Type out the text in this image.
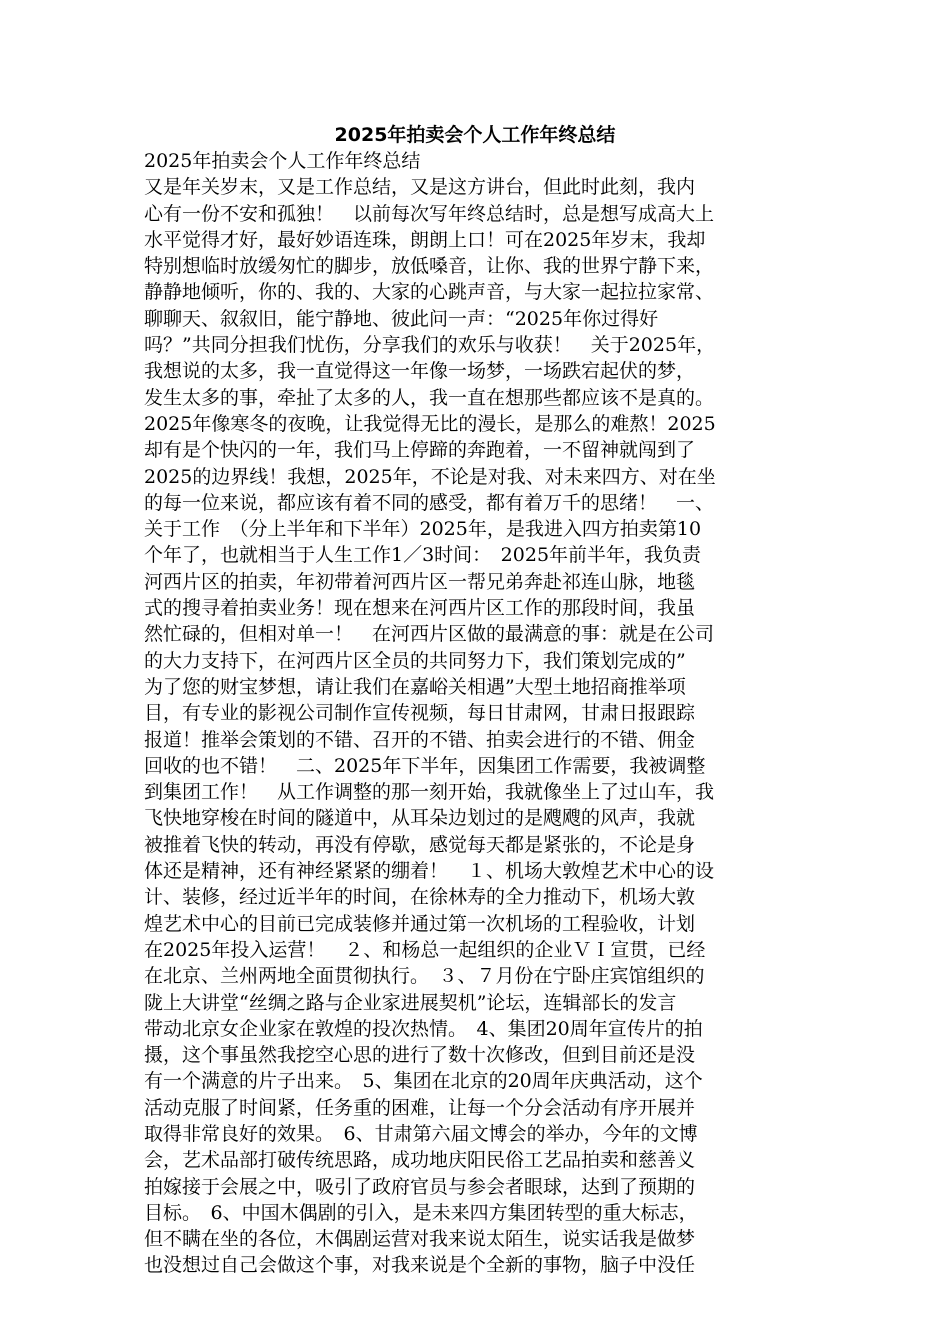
2025年拍卖会个人工作年终总结
2025年拍卖会个人工作年终总结
又是年关岁末，又是工作总结，又是这方讲台，但此时此刻，我内
心有一份不安和孤独！　以前每次写年终总结时，总是想写成高大上
水平觉得才好，最好妙语连珠，朗朗上口！可在2025年岁末，我却
特别想临时放缓匆忙的脚步，放低嗓音，让你、我的世界宁静下来，
静静地倾听，你的、我的、大家的心跳声音，与大家一起拉拉家常、
聊聊天、叙叙旧，能宁静地、彼此问一声：“2025年你过得好
吗？”共同分担我们忧伤，分享我们的欢乐与收获！　关于2025年，
我想说的太多，我一直觉得这一年像一场梦，一场跌宕起伏的梦，
发生太多的事，牵扯了太多的人，我一直在想那些都应该不是真的。
2025年像寒冬的夜晚，让我觉得无比的漫长，是那么的难熬！2025
却有是个快闪的一年，我们马上停蹄的奔跑着，一不留神就闯到了
2025的边界线！我想，2025年，不论是对我、对未来四方、对在坐
的每一位来说，都应该有着不同的感受，都有着万千的思绪！　一、
关于工作　（分上半年和下半年）2025年，是我进入四方拍卖第10
个年了，也就相当于人生工作1／3时间：　2025年前半年，我负责
河西片区的拍卖，年初带着河西片区一帮兄弟奔赴祁连山脉，地毯
式的搜寻着拍卖业务！现在想来在河西片区工作的那段时间，我虽
然忙碌的，但相对单一！　在河西片区做的最满意的事：就是在公司
的大力支持下，在河西片区全员的共同努力下，我们策划完成的”
为了您的财宝梦想，请让我们在嘉峪关相遇”大型土地招商推举项
目，有专业的影视公司制作宣传视频，每日甘肃网，甘肃日报跟踪
报道！推举会策划的不错、召开的不错、拍卖会进行的不错、佣金
回收的也不错！　二、2025年下半年，因集团工作需要，我被调整
到集团工作！　从工作调整的那一刻开始，我就像坐上了过山车，我
飞快地穿梭在时间的隧道中，从耳朵边划过的是飕飕的风声，我就
被推着飞快的转动，再没有停歇，感觉每天都是紧张的，不论是身
体还是精神，还有神经紧紧的绷着！　１、机场大敦煌艺术中心的设
计、装修，经过近半年的时间，在徐林寿的全力推动下，机场大敦
煌艺术中心的目前已完成装修并通过第一次机场的工程验收，计划
在2025年投入运营！　２、和杨总一起组织的企业ＶＩ宣贯，已经
在北京、兰州两地全面贯彻执行。　３、７月份在宁卧庄宾馆组织的
陇上大讲堂“丝绸之路与企业家进展契机”论坛，连辑部长的发言
带动北京女企业家在敦煌的投次热情。　4、集团20周年宣传片的拍
摄，这个事虽然我挖空心思的进行了数十次修改，但到目前还是没
有一个满意的片子出来。　5、集团在北京的20周年庆典活动，这个
活动克服了时间紧，任务重的困难，让每一个分会活动有序开展并
取得非常良好的效果。　6、甘肃第六届文博会的举办，今年的文博
会，艺术品部打破传统思路，成功地庆阳民俗工艺品拍卖和慈善义
拍嫁接于会展之中，吸引了政府官员与参会者眼球，达到了预期的
目标。　6、中国木偶剧的引入，是未来四方集团转型的重大标志，
但不瞒在坐的各位，木偶剧运营对我来说太陌生，说实话我是做梦
也没想过自己会做这个事，对我来说是个全新的事物，脑子中没任
